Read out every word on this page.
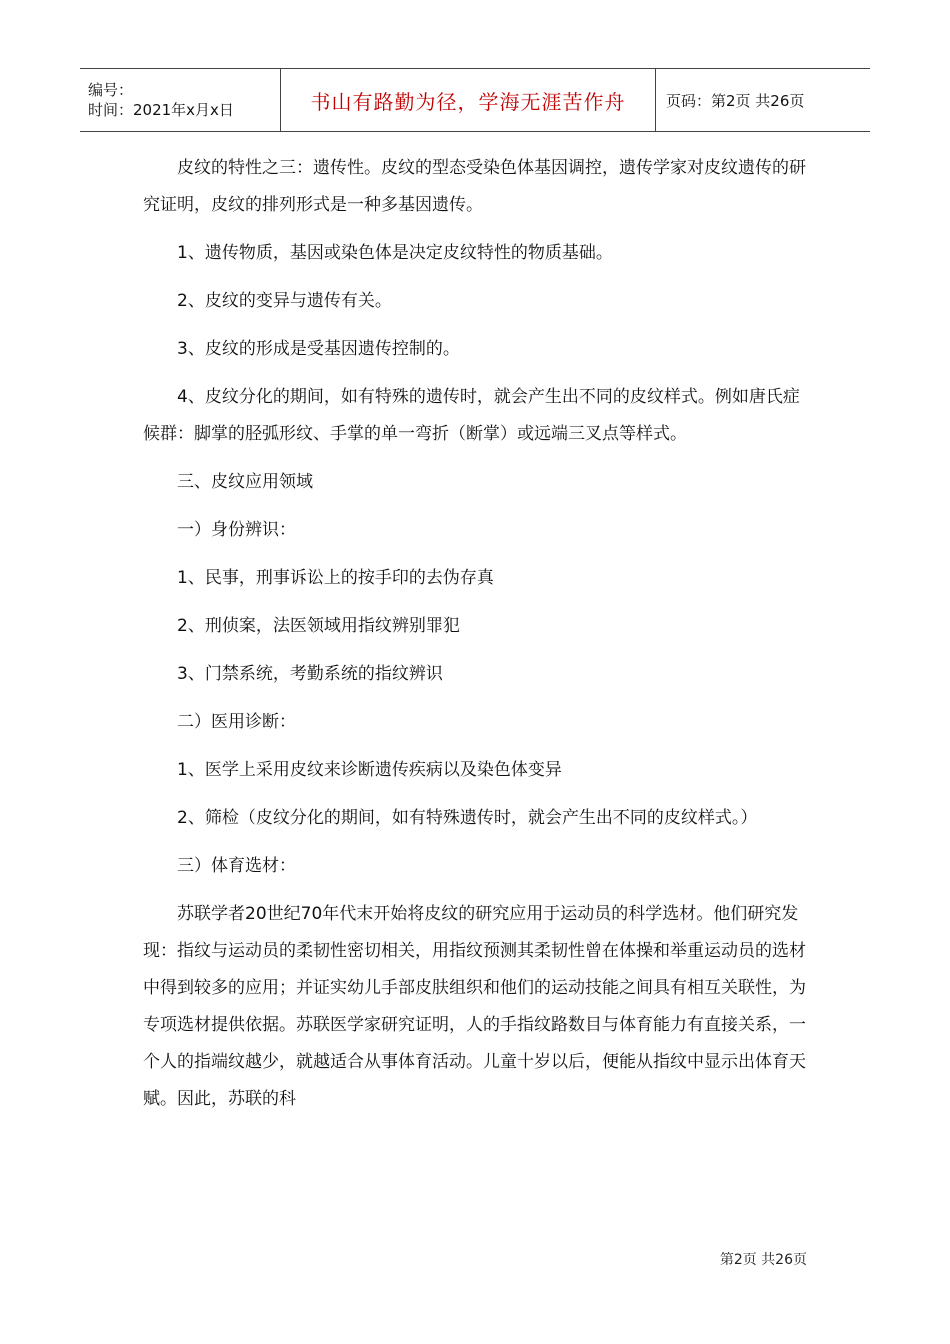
编号：
时间：2021年x月x日	书山有路勤为径，学海无涯苦作舟	页码：第2页 共26页

皮纹的特性之三：遗传性。皮纹的型态受染色体基因调控，遗传学家对皮纹遗传的研究证明，皮纹的排列形式是一种多基因遗传。

1、遗传物质，基因或染色体是决定皮纹特性的物质基础。

2、皮纹的变异与遗传有关。

3、皮纹的形成是受基因遗传控制的。

4、皮纹分化的期间，如有特殊的遗传时，就会产生出不同的皮纹样式。例如唐氏症候群：脚掌的胫弧形纹、手掌的单一弯折（断掌）或远端三叉点等样式。

三、皮纹应用领域

一）身份辨识：

1、民事，刑事诉讼上的按手印的去伪存真

2、刑侦案，法医领域用指纹辨别罪犯

3、门禁系统，考勤系统的指纹辨识

二）医用诊断：

1、医学上采用皮纹来诊断遗传疾病以及染色体变异

2、筛检（皮纹分化的期间，如有特殊遗传时，就会产生出不同的皮纹样式。）

三）体育选材：

苏联学者20世纪70年代末开始将皮纹的研究应用于运动员的科学选材。他们研究发现：指纹与运动员的柔韧性密切相关，用指纹预测其柔韧性曾在体操和举重运动员的选材中得到较多的应用；并证实幼儿手部皮肤组织和他们的运动技能之间具有相互关联性，为专项选材提供依据。苏联医学家研究证明，人的手指纹路数目与体育能力有直接关系，一个人的指端纹越少，就越适合从事体育活动。儿童十岁以后，便能从指纹中显示出体育天赋。因此，苏联的科

第2页 共26页
